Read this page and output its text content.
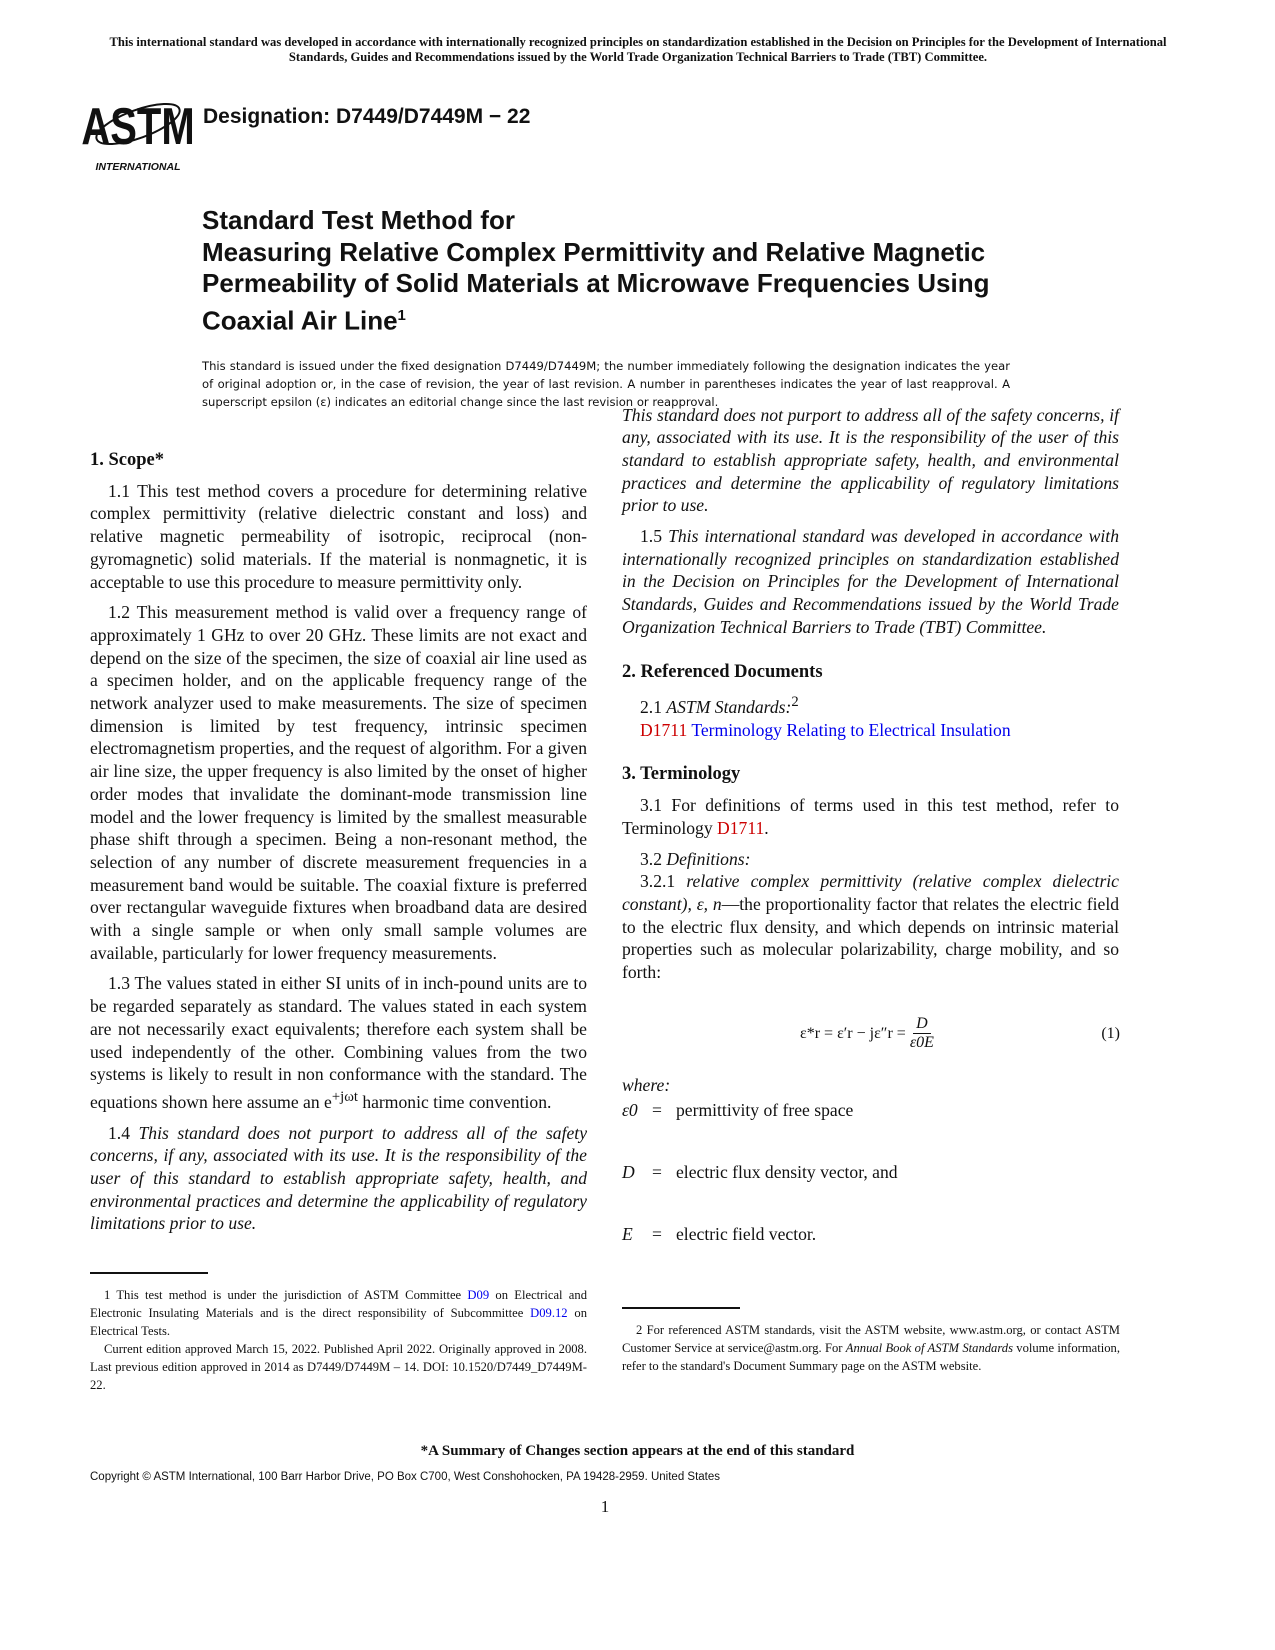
This international standard was developed in accordance with internationally recognized principles on standardization established in the Decision on Principles for the Development of International Standards, Guides and Recommendations issued by the World Trade Organization Technical Barriers to Trade (TBT) Committee.
ASTM
INTERNATIONAL
Designation: D7449/D7449M − 22
Standard Test Method for
Measuring Relative Complex Permittivity and Relative Magnetic Permeability of Solid Materials at Microwave Frequencies Using Coaxial Air Line$^1$
This standard is issued under the fixed designation D7449/D7449M; the number immediately following the designation indicates the year of original adoption or, in the case of revision, the year of last revision. A number in parentheses indicates the year of last reapproval. A superscript epsilon (ε) indicates an editorial change since the last revision or reapproval.
1. Scope*

1.1 This test method covers a procedure for determining relative complex permittivity (relative dielectric constant and loss) and relative magnetic permeability of isotropic, reciprocal (non-gyromagnetic) solid materials. If the material is nonmagnetic, it is acceptable to use this procedure to measure permittivity only.

1.2 This measurement method is valid over a frequency range of approximately 1 GHz to over 20 GHz. These limits are not exact and depend on the size of the specimen, the size of coaxial air line used as a specimen holder, and on the applicable frequency range of the network analyzer used to make measurements. The size of specimen dimension is limited by test frequency, intrinsic specimen electromagnetism properties, and the request of algorithm. For a given air line size, the upper frequency is also limited by the onset of higher order modes that invalidate the dominant-mode transmission line model and the lower frequency is limited by the smallest measurable phase shift through a specimen. Being a non-resonant method, the selection of any number of discrete measurement frequencies in a measurement band would be suitable. The coaxial fixture is preferred over rectangular waveguide fixtures when broadband data are desired with a single sample or when only small sample volumes are available, particularly for lower frequency measurements.

1.3 The values stated in either SI units of in inch-pound units are to be regarded separately as standard. The values stated in each system are not necessarily exact equivalents; therefore each system shall be used independently of the other. Combining values from the two systems is likely to result in non conformance with the standard. The equations shown here assume an $e^{+j\omega t}$ harmonic time convention.

1.4 This standard does not purport to address all of the safety concerns, if any, associated with its use. It is the responsibility of the user of this standard to establish appropriate safety, health, and environmental practices and determine the applicability of regulatory limitations prior to use.

1 This test method is under the jurisdiction of ASTM Committee D09 on Electrical and Electronic Insulating Materials and is the direct responsibility of Subcommittee D09.12 on Electrical Tests.

Current edition approved March 15, 2022. Published April 2022. Originally approved in 2008. Last previous edition approved in 2014 as D7449/D7449M – 14. DOI: 10.1520/D7449_D7449M-22.

This standard does not purport to address all of the safety concerns, if any, associated with its use. It is the responsibility of the user of this standard to establish appropriate safety, health, and environmental practices and determine the applicability of regulatory limitations prior to use.

1.5 This international standard was developed in accordance with internationally recognized principles on standardization established in the Decision on Principles for the Development of International Standards, Guides and Recommendations issued by the World Trade Organization Technical Barriers to Trade (TBT) Committee.

2. Referenced Documents

2.1 ASTM Standards:$^2$

D1711 Terminology Relating to Electrical Insulation

3. Terminology

3.1 For definitions of terms used in this test method, refer to Terminology D1711.

3.2 Definitions:

3.2.1 relative complex permittivity (relative complex dielectric constant), ε, n—the proportionality factor that relates the electric field to the electric flux density, and which depends on intrinsic material properties such as molecular polarizability, charge mobility, and so forth:

$\varepsilon*r = \varepsilon'r - j\varepsilon''r = \frac{D}{\varepsilon 0E}$	(1)
where:
ε0	=	permittivity of free space
D	=	electric flux density vector, and
E	=	electric field vector.

2 For referenced ASTM standards, visit the ASTM website, www.astm.org, or contact ASTM Customer Service at service@astm.org. For Annual Book of ASTM Standards volume information, refer to the standard's Document Summary page on the ASTM website.

*A Summary of Changes section appears at the end of this standard
Copyright © ASTM International, 100 Barr Harbor Drive, PO Box C700, West Conshohocken, PA 19428-2959. United States
1
